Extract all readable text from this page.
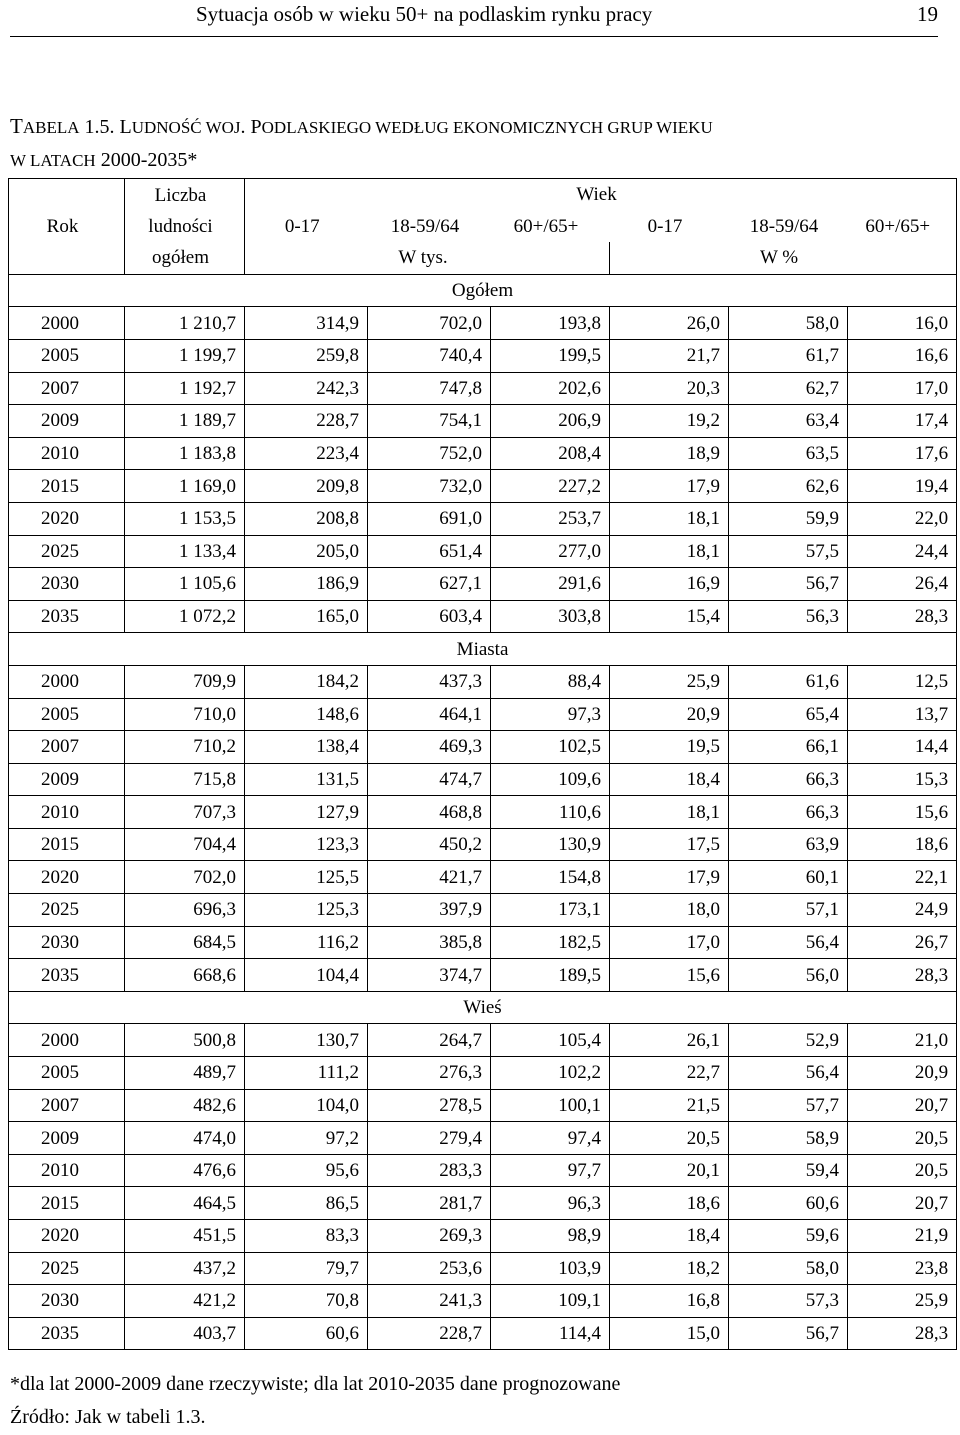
Sytuacja osób w wieku 50+ na podlaskim rynku pracy	19
TABELA 1.5. LUDNOŚĆ WOJ. PODLASKIEGO WEDŁUG EKONOMICZNYCH GRUP WIEKU
W LATACH 2000-2035*
Rok	Liczba
ludności
ogółem	Wiek					
		0-17	18-59/64	60+/65+	0-17	18-59/64	60+/65+
		W tys.			W %		
Ogółem							
2000	1 210,7	314,9	702,0	193,8	26,0	58,0	16,0
2005	1 199,7	259,8	740,4	199,5	21,7	61,7	16,6
2007	1 192,7	242,3	747,8	202,6	20,3	62,7	17,0
2009	1 189,7	228,7	754,1	206,9	19,2	63,4	17,4
2010	1 183,8	223,4	752,0	208,4	18,9	63,5	17,6
2015	1 169,0	209,8	732,0	227,2	17,9	62,6	19,4
2020	1 153,5	208,8	691,0	253,7	18,1	59,9	22,0
2025	1 133,4	205,0	651,4	277,0	18,1	57,5	24,4
2030	1 105,6	186,9	627,1	291,6	16,9	56,7	26,4
2035	1 072,2	165,0	603,4	303,8	15,4	56,3	28,3
Miasta							
2000	709,9	184,2	437,3	88,4	25,9	61,6	12,5
2005	710,0	148,6	464,1	97,3	20,9	65,4	13,7
2007	710,2	138,4	469,3	102,5	19,5	66,1	14,4
2009	715,8	131,5	474,7	109,6	18,4	66,3	15,3
2010	707,3	127,9	468,8	110,6	18,1	66,3	15,6
2015	704,4	123,3	450,2	130,9	17,5	63,9	18,6
2020	702,0	125,5	421,7	154,8	17,9	60,1	22,1
2025	696,3	125,3	397,9	173,1	18,0	57,1	24,9
2030	684,5	116,2	385,8	182,5	17,0	56,4	26,7
2035	668,6	104,4	374,7	189,5	15,6	56,0	28,3
Wieś							
2000	500,8	130,7	264,7	105,4	26,1	52,9	21,0
2005	489,7	111,2	276,3	102,2	22,7	56,4	20,9
2007	482,6	104,0	278,5	100,1	21,5	57,7	20,7
2009	474,0	97,2	279,4	97,4	20,5	58,9	20,5
2010	476,6	95,6	283,3	97,7	20,1	59,4	20,5
2015	464,5	86,5	281,7	96,3	18,6	60,6	20,7
2020	451,5	83,3	269,3	98,9	18,4	59,6	21,9
2025	437,2	79,7	253,6	103,9	18,2	58,0	23,8
2030	421,2	70,8	241,3	109,1	16,8	57,3	25,9
2035	403,7	60,6	228,7	114,4	15,0	56,7	28,3
*dla lat 2000-2009 dane rzeczywiste; dla lat 2010-2035 dane prognozowane
Źródło: Jak w tabeli 1.3.
